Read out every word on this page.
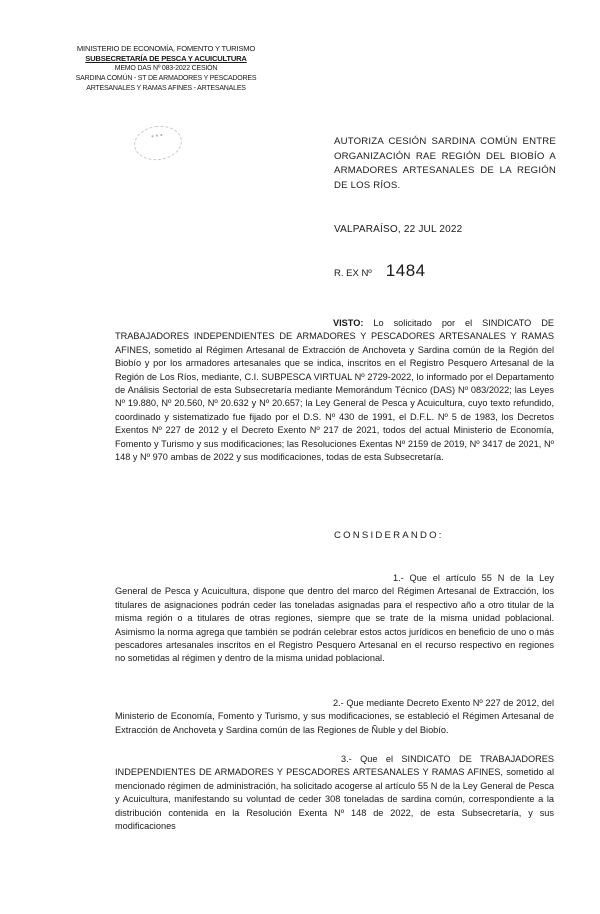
MINISTERIO DE ECONOMÍA, FOMENTO Y TURISMO
SUBSECRETARÍA DE PESCA Y ACUICULTURA
MEMO DAS Nº 083-2022 CESIÓN
SARDINA COMÚN - ST DE ARMADORES Y PESCADORES
ARTESANALES Y RAMAS AFINES - ARTESANALES
● ● ●	AUTORIZA CESIÓN SARDINA COMÚN ENTRE ORGANIZACIÓN RAE REGIÓN DEL BIOBÍO A ARMADORES ARTESANALES DE LA REGIÓN DE LOS RÍOS.
VALPARAÍSO, 22 JUL 2022
R. EX Nº 1484
VISTO: Lo solicitado por el SINDICATO DE TRABAJADORES INDEPENDIENTES DE ARMADORES Y PESCADORES ARTESANALES Y RAMAS AFINES, sometido al Régimen Artesanal de Extracción de Anchoveta y Sardina común de la Región del Biobío y por los armadores artesanales que se indica, inscritos en el Registro Pesquero Artesanal de la Región de Los Ríos, mediante, C.I. SUBPESCA VIRTUAL Nº 2729-2022, lo informado por el Departamento de Análisis Sectorial de esta Subsecretaría mediante Memorándum Técnico (DAS) Nº 083/2022; las Leyes Nº 19.880, Nº 20.560, Nº 20.632 y Nº 20.657; la Ley General de Pesca y Acuicultura, cuyo texto refundido, coordinado y sistematizado fue fijado por el D.S. Nº 430 de 1991, el D.F.L. Nº 5 de 1983, los Decretos Exentos Nº 227 de 2012 y el Decreto Exento Nº 217 de 2021, todos del actual Ministerio de Economía, Fomento y Turismo y sus modificaciones; las Resoluciones Exentas Nº 2159 de 2019, Nº 3417 de 2021, Nº 148 y Nº 970 ambas de 2022 y sus modificaciones, todas de esta Subsecretaría.
CONSIDERANDO:
1.- Que el artículo 55 N de la Ley General de Pesca y Acuicultura, dispone que dentro del marco del Régimen Artesanal de Extracción, los titulares de asignaciones podrán ceder las toneladas asignadas para el respectivo año a otro titular de la misma región o a titulares de otras regiones, siempre que se trate de la misma unidad poblacional. Asimismo la norma agrega que también se podrán celebrar estos actos jurídicos en beneficio de uno o más pescadores artesanales inscritos en el Registro Pesquero Artesanal en el recurso respectivo en regiones no sometidas al régimen y dentro de la misma unidad poblacional.
2.- Que mediante Decreto Exento Nº 227 de 2012, del Ministerio de Economía, Fomento y Turismo, y sus modificaciones, se estableció el Régimen Artesanal de Extracción de Anchoveta y Sardina común de las Regiones de Ñuble y del Biobío.
3.- Que el SINDICATO DE TRABAJADORES INDEPENDIENTES DE ARMADORES Y PESCADORES ARTESANALES Y RAMAS AFINES, sometido al mencionado régimen de administración, ha solicitado acogerse al artículo 55 N de la Ley General de Pesca y Acuicultura, manifestando su voluntad de ceder 308 toneladas de sardina común, correspondiente a la distribución contenida en la Resolución Exenta Nº 148 de 2022, de esta Subsecretaría, y sus modificaciones
